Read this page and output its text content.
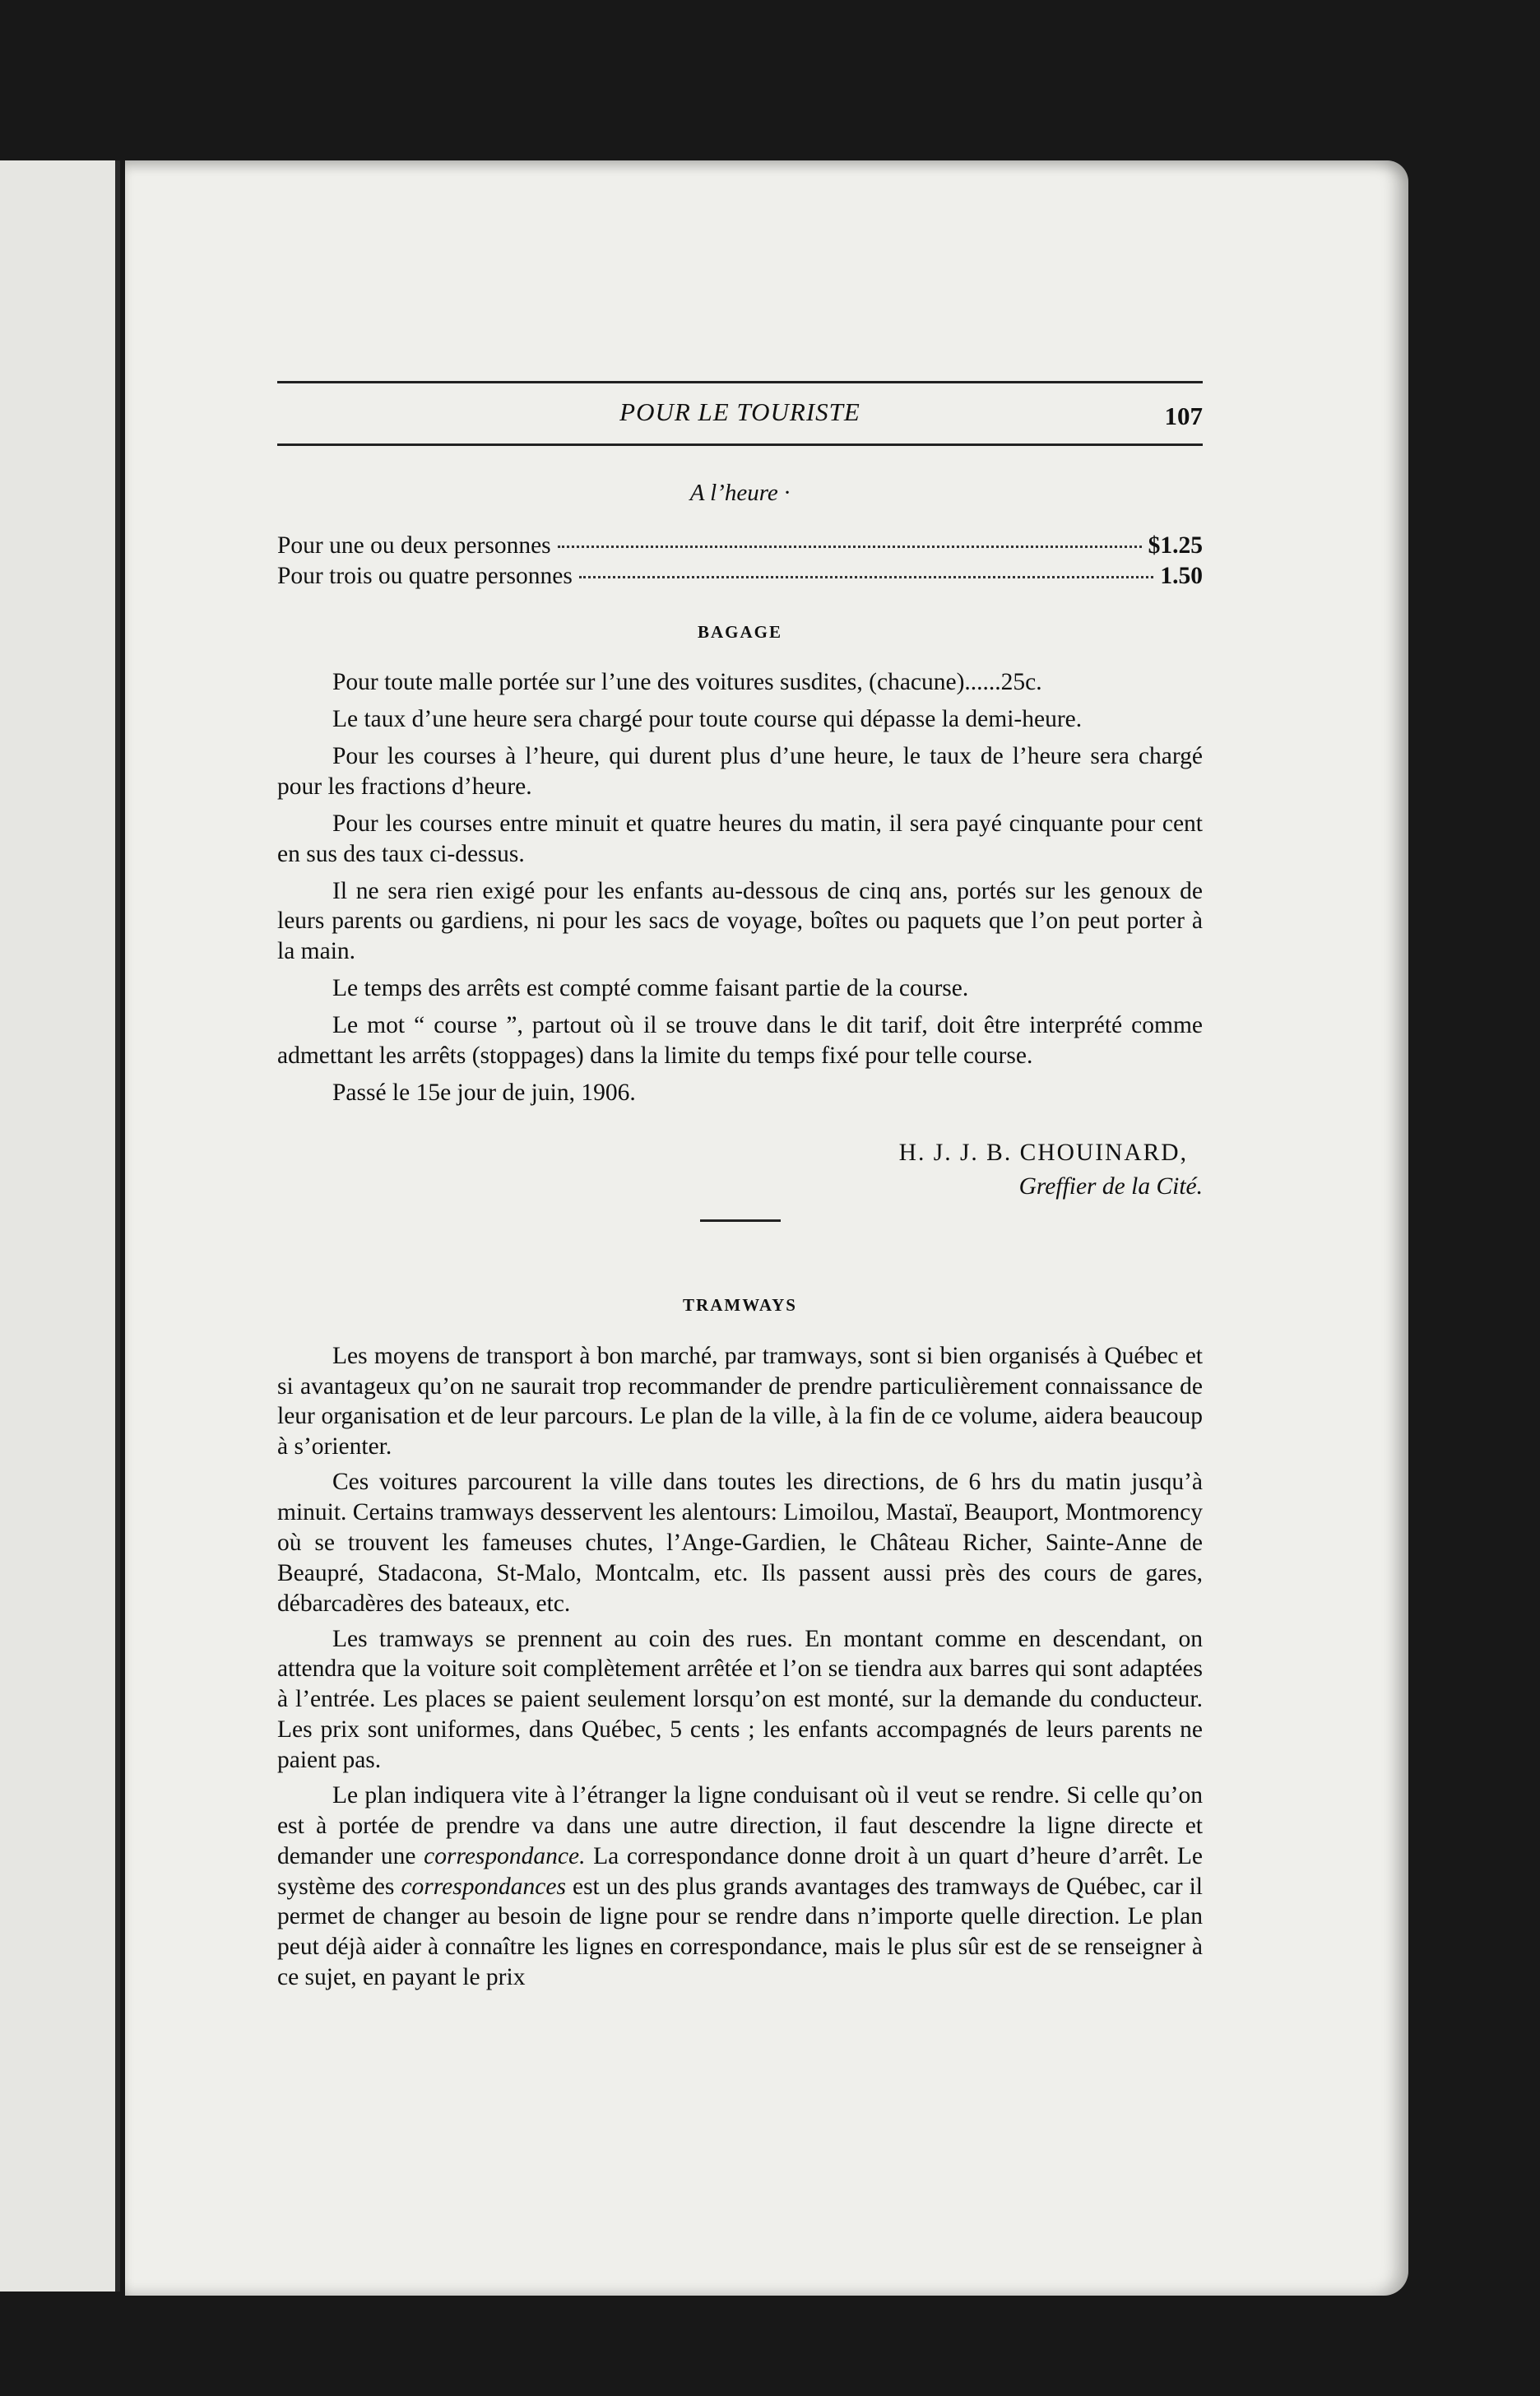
POUR LE TOURISTE	107
A l’heure ·
Pour une ou deux personnes	$1.25
Pour trois ou quatre personnes	1.50
BAGAGE

Pour toute malle portée sur l’une des voitures susdites, (chacune)......25c.

Le taux d’une heure sera chargé pour toute course qui dépasse la demi-heure.

Pour les courses à l’heure, qui durent plus d’une heure, le taux de l’heure sera chargé pour les fractions d’heure.

Pour les courses entre minuit et quatre heures du matin, il sera payé cinquante pour cent en sus des taux ci-dessus.

Il ne sera rien exigé pour les enfants au-dessous de cinq ans, portés sur les genoux de leurs parents ou gardiens, ni pour les sacs de voyage, boîtes ou paquets que l’on peut porter à la main.

Le temps des arrêts est compté comme faisant partie de la course.

Le mot “ course ”, partout où il se trouve dans le dit tarif, doit être interprété comme admettant les arrêts (stoppages) dans la limite du temps fixé pour telle course.

Passé le 15e jour de juin, 1906.

H. J. J. B. CHOUINARD,
Greffier de la Cité.
TRAMWAYS

Les moyens de transport à bon marché, par tramways, sont si bien organisés à Québec et si avantageux qu’on ne saurait trop recommander de prendre particulièrement connaissance de leur organisation et de leur parcours. Le plan de la ville, à la fin de ce volume, aidera beaucoup à s’orienter.

Ces voitures parcourent la ville dans toutes les directions, de 6 hrs du matin jusqu’à minuit. Certains tramways desservent les alentours: Limoilou, Mastaï, Beauport, Montmorency où se trouvent les fameuses chutes, l’Ange-Gardien, le Château Richer, Sainte-Anne de Beaupré, Stadacona, St-Malo, Montcalm, etc. Ils passent aussi près des cours de gares, débarcadères des bateaux, etc.

Les tramways se prennent au coin des rues. En montant comme en descendant, on attendra que la voiture soit complètement arrêtée et l’on se tiendra aux barres qui sont adaptées à l’entrée. Les places se paient seulement lorsqu’on est monté, sur la demande du conducteur. Les prix sont uniformes, dans Québec, 5 cents ; les enfants accompagnés de leurs parents ne paient pas.

Le plan indiquera vite à l’étranger la ligne conduisant où il veut se rendre. Si celle qu’on est à portée de prendre va dans une autre direction, il faut descendre la ligne directe et demander une correspondance. La correspondance donne droit à un quart d’heure d’arrêt. Le système des correspondances est un des plus grands avantages des tramways de Québec, car il permet de changer au besoin de ligne pour se rendre dans n’importe quelle direction. Le plan peut déjà aider à connaître les lignes en correspondance, mais le plus sûr est de se renseigner à ce sujet, en payant le prix
